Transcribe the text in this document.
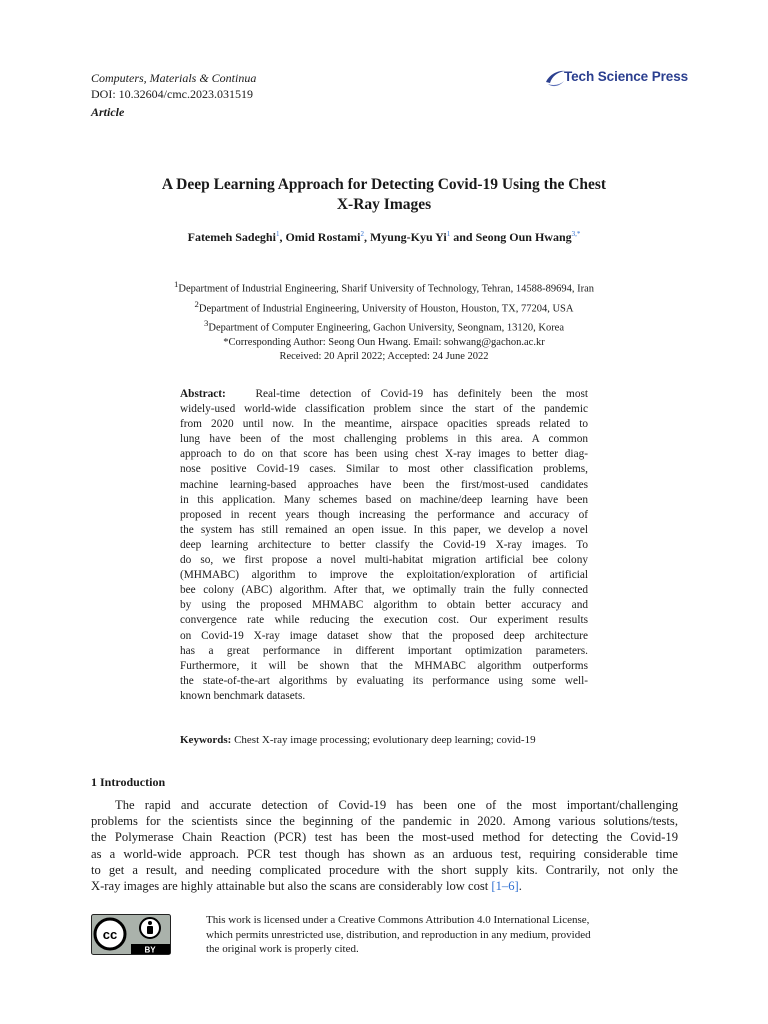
Computers, Materials & Continua
DOI: 10.32604/cmc.2023.031519
Article
Tech Science Press
A Deep Learning Approach for Detecting Covid-19 Using the Chest
X-Ray Images
Fatemeh Sadeghi$^1$, Omid Rostami$^2$, Myung-Kyu Yi$^1$ and Seong Oun Hwang$^{3,*}$
$^1$Department of Industrial Engineering, Sharif University of Technology, Tehran, 14588-89694, Iran
$^2$Department of Industrial Engineering, University of Houston, Houston, TX, 77204, USA
$^3$Department of Computer Engineering, Gachon University, Seongnam, 13120, Korea
*Corresponding Author: Seong Oun Hwang. Email: sohwang@gachon.ac.kr
Received: 20 April 2022; Accepted: 24 June 2022
Abstract:	Real-time detection of Covid-19 has definitely been the most
widely-used world-wide classification problem since the start of the pandemic
from 2020 until now. In the meantime, airspace opacities spreads related to
lung have been of the most challenging problems in this area. A common
approach to do on that score has been using chest X-ray images to better diag-
nose positive Covid-19 cases. Similar to most other classification problems,
machine learning-based approaches have been the first/most-used candidates
in this application. Many schemes based on machine/deep learning have been
proposed in recent years though increasing the performance and accuracy of
the system has still remained an open issue. In this paper, we develop a novel
deep learning architecture to better classify the Covid-19 X-ray images. To
do so, we first propose a novel multi-habitat migration artificial bee colony
(MHMABC) algorithm to improve the exploitation/exploration of artificial
bee colony (ABC) algorithm. After that, we optimally train the fully connected
by using the proposed MHMABC algorithm to obtain better accuracy and
convergence rate while reducing the execution cost. Our experiment results
on Covid-19 X-ray image dataset show that the proposed deep architecture
has a great performance in different important optimization parameters.
Furthermore, it will be shown that the MHMABC algorithm outperforms
the state-of-the-art algorithms by evaluating its performance using some well-
known benchmark datasets.
Keywords: Chest X-ray image processing; evolutionary deep learning; covid-19
1 Introduction
The rapid and accurate detection of Covid-19 has been one of the most important/challenging
problems for the scientists since the beginning of the pandemic in 2020. Among various solutions/tests,
the Polymerase Chain Reaction (PCR) test has been the most-used method for detecting the Covid-19
as a world-wide approach. PCR test though has shown as an arduous test, requiring considerable time
to get a result, and needing complicated procedure with the short supply kits. Contrarily, not only the
X-ray images are highly attainable but also the scans are considerably low cost [1–6].
cc
BY
This work is licensed under a Creative Commons Attribution 4.0 International License,
which permits unrestricted use, distribution, and reproduction in any medium, provided
the original work is properly cited.
